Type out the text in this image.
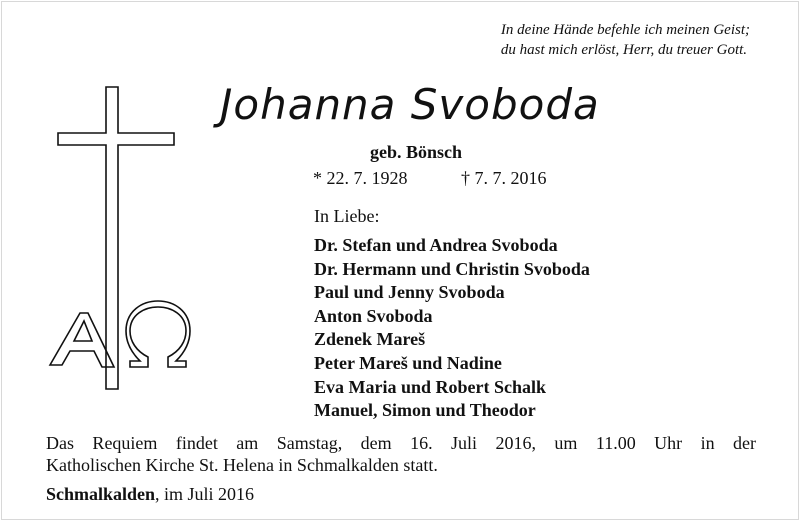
In deine Hände befehle ich meinen Geist;
du hast mich erlöst, Herr, du treuer Gott.
Johanna Svoboda
geb. Bönsch
* 22. 7. 1928	† 7. 7. 2016
In Liebe:
Dr. Stefan und Andrea Svoboda
Dr. Hermann und Christin Svoboda
Paul und Jenny Svoboda
Anton Svoboda
Zdenek Mareš
Peter Mareš und Nadine
Eva Maria und Robert Schalk
Manuel, Simon und Theodor
Das Requiem findet am Samstag, dem 16. Juli 2016, um 11.00 Uhr in der
Katholischen Kirche St. Helena in Schmalkalden statt.
Schmalkalden, im Juli 2016
